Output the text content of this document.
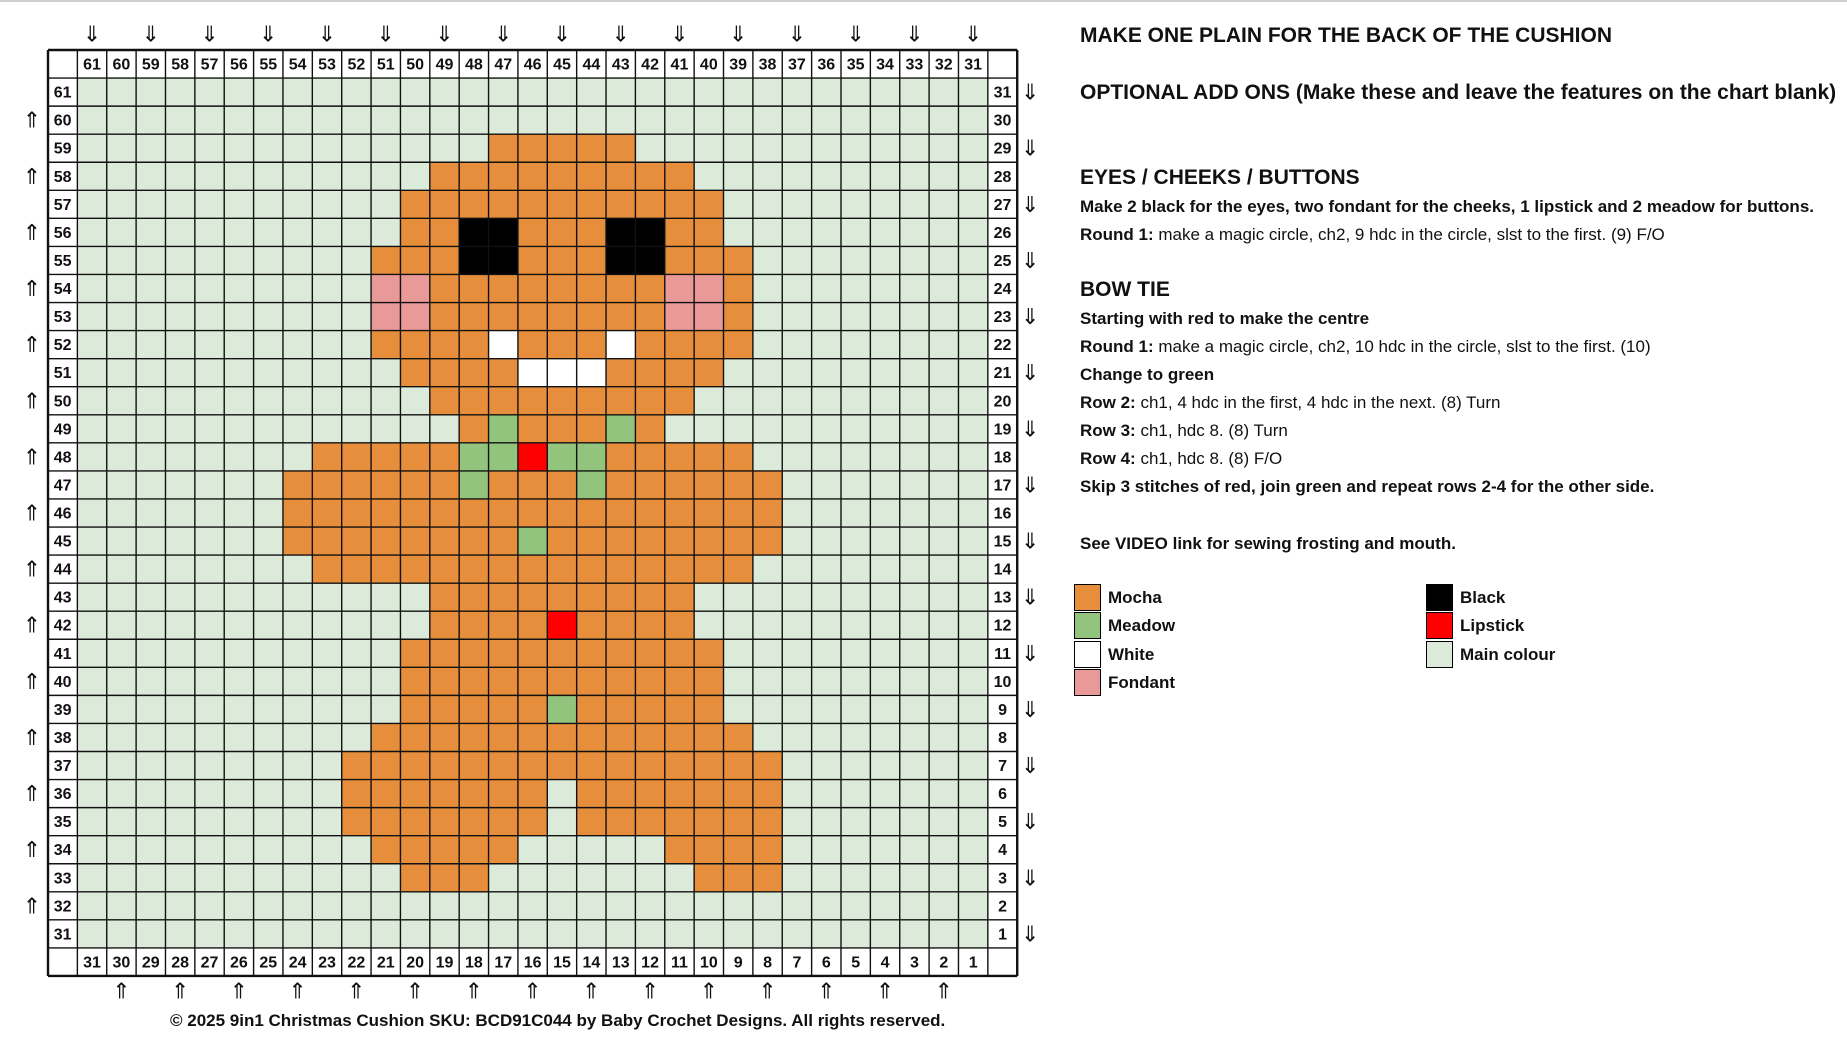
61
31
61	31
60
30
60	30
59
29
59	29
58
28
58	28
57
27
57	27
56
26
56	26
55
25
55	25
54
24
54	24
53
23
53	23
52
22
52	22
51
21
51	21
50
20
50	20
49
19
49	19
48
18
48	18
47
17
47	17
46
16
46	16
45
15
45	15
44
14
44	14
43
13
43	13
42
12
42	12
41
11
41	11
40
10
40	10
39
9
39	9
38
8
38	8
37
7
37	7
36
6
36	6
35
5
35	5
34
4
34	4
33
3
33	3
32
2
32	2
31
1
31	1
⇓ ⇓ ⇓ ⇓ ⇓ ⇓ ⇓ ⇓ ⇓ ⇓ ⇓ ⇓ ⇓ ⇓ ⇓ ⇓
⇑ ⇑ ⇑ ⇑ ⇑ ⇑ ⇑ ⇑ ⇑ ⇑ ⇑ ⇑ ⇑ ⇑ ⇑
⇓
⇑
⇓
⇑
⇓
⇑
⇓
⇑
⇓
⇑
⇓
⇑
⇓
⇑
⇓
⇑
⇓
⇑
⇓
⇑
⇓
⇑
⇓
⇑
⇓
⇑
⇓
⇑
⇓
⇑
⇓
MAKE ONE PLAIN FOR THE BACK OF THE CUSHION
OPTIONAL ADD ONS (Make these and leave the features on the chart blank)
EYES / CHEEKS / BUTTONS
Make 2 black for the eyes, two fondant for the cheeks, 1 lipstick and 2 meadow for buttons.
Round 1: make a magic circle, ch2, 9 hdc in the circle, slst to the first. (9) F/O
BOW TIE
Starting with red to make the centre
Round 1: make a magic circle, ch2, 10 hdc in the circle, slst to the first. (10)
Change to green
Row 2: ch1, 4 hdc in the first, 4 hdc in the next. (8) Turn
Row 3: ch1, hdc 8. (8) Turn
Row 4: ch1, hdc 8. (8) F/O
Skip 3 stitches of red, join green and repeat rows 2-4 for the other side.
See VIDEO link for sewing frosting and mouth.
Mocha
Meadow
White
Fondant
Black
Lipstick
Main colour
© 2025 9in1 Christmas Cushion SKU: BCD91C044 by Baby Crochet Designs. All rights reserved.
